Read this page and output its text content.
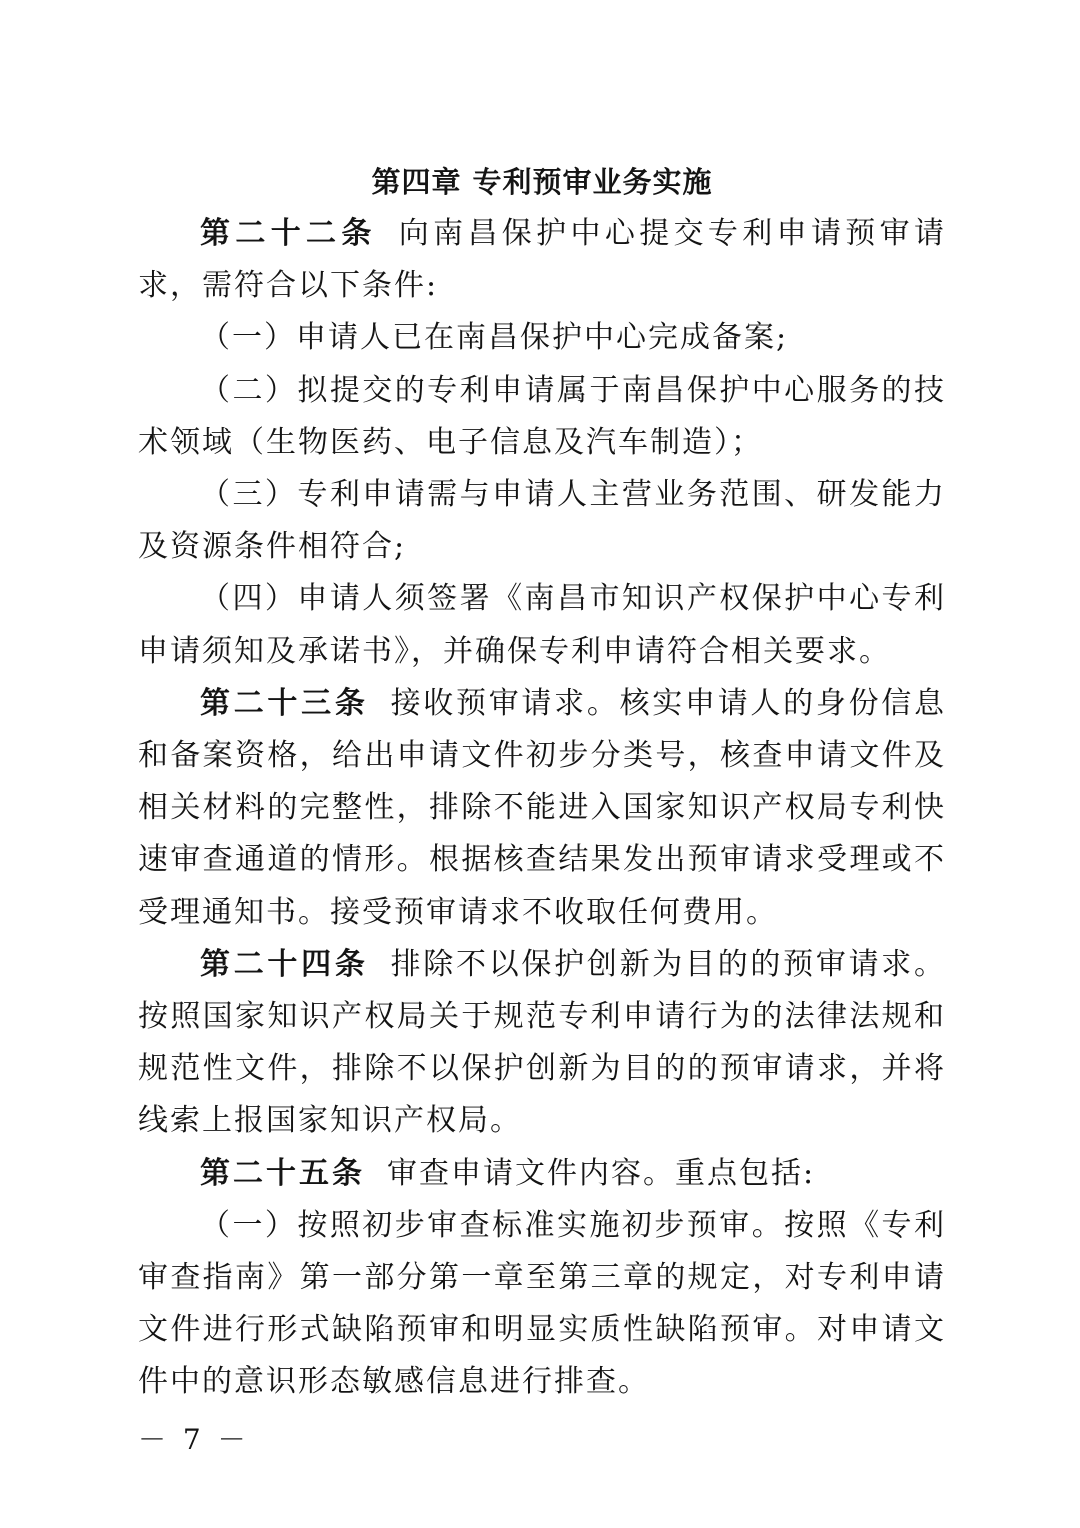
第四章 专利预审业务实施

第二十二条 向南昌保护中心提交专利申请预审请求，需符合以下条件:

（一）申请人已在南昌保护中心完成备案;

（二）拟提交的专利申请属于南昌保护中心服务的技术领域（生物医药、电子信息及汽车制造）；

（三）专利申请需与申请人主营业务范围、研发能力及资源条件相符合;

（四）申请人须签署《南昌市知识产权保护中心专利申请须知及承诺书》，并确保专利申请符合相关要求。

第二十三条 接收预审请求。核实申请人的身份信息和备案资格，给出申请文件初步分类号，核查申请文件及相关材料的完整性，排除不能进入国家知识产权局专利快速审查通道的情形。根据核查结果发出预审请求受理或不受理通知书。接受预审请求不收取任何费用。

第二十四条 排除不以保护创新为目的的预审请求。按照国家知识产权局关于规范专利申请行为的法律法规和规范性文件，排除不以保护创新为目的的预审请求，并将线索上报国家知识产权局。

第二十五条 审查申请文件内容。重点包括:

（一）按照初步审查标准实施初步预审。按照《专利审查指南》第一部分第一章至第三章的规定，对专利申请文件进行形式缺陷预审和明显实质性缺陷预审。对申请文件中的意识形态敏感信息进行排查。

－ 7 －
